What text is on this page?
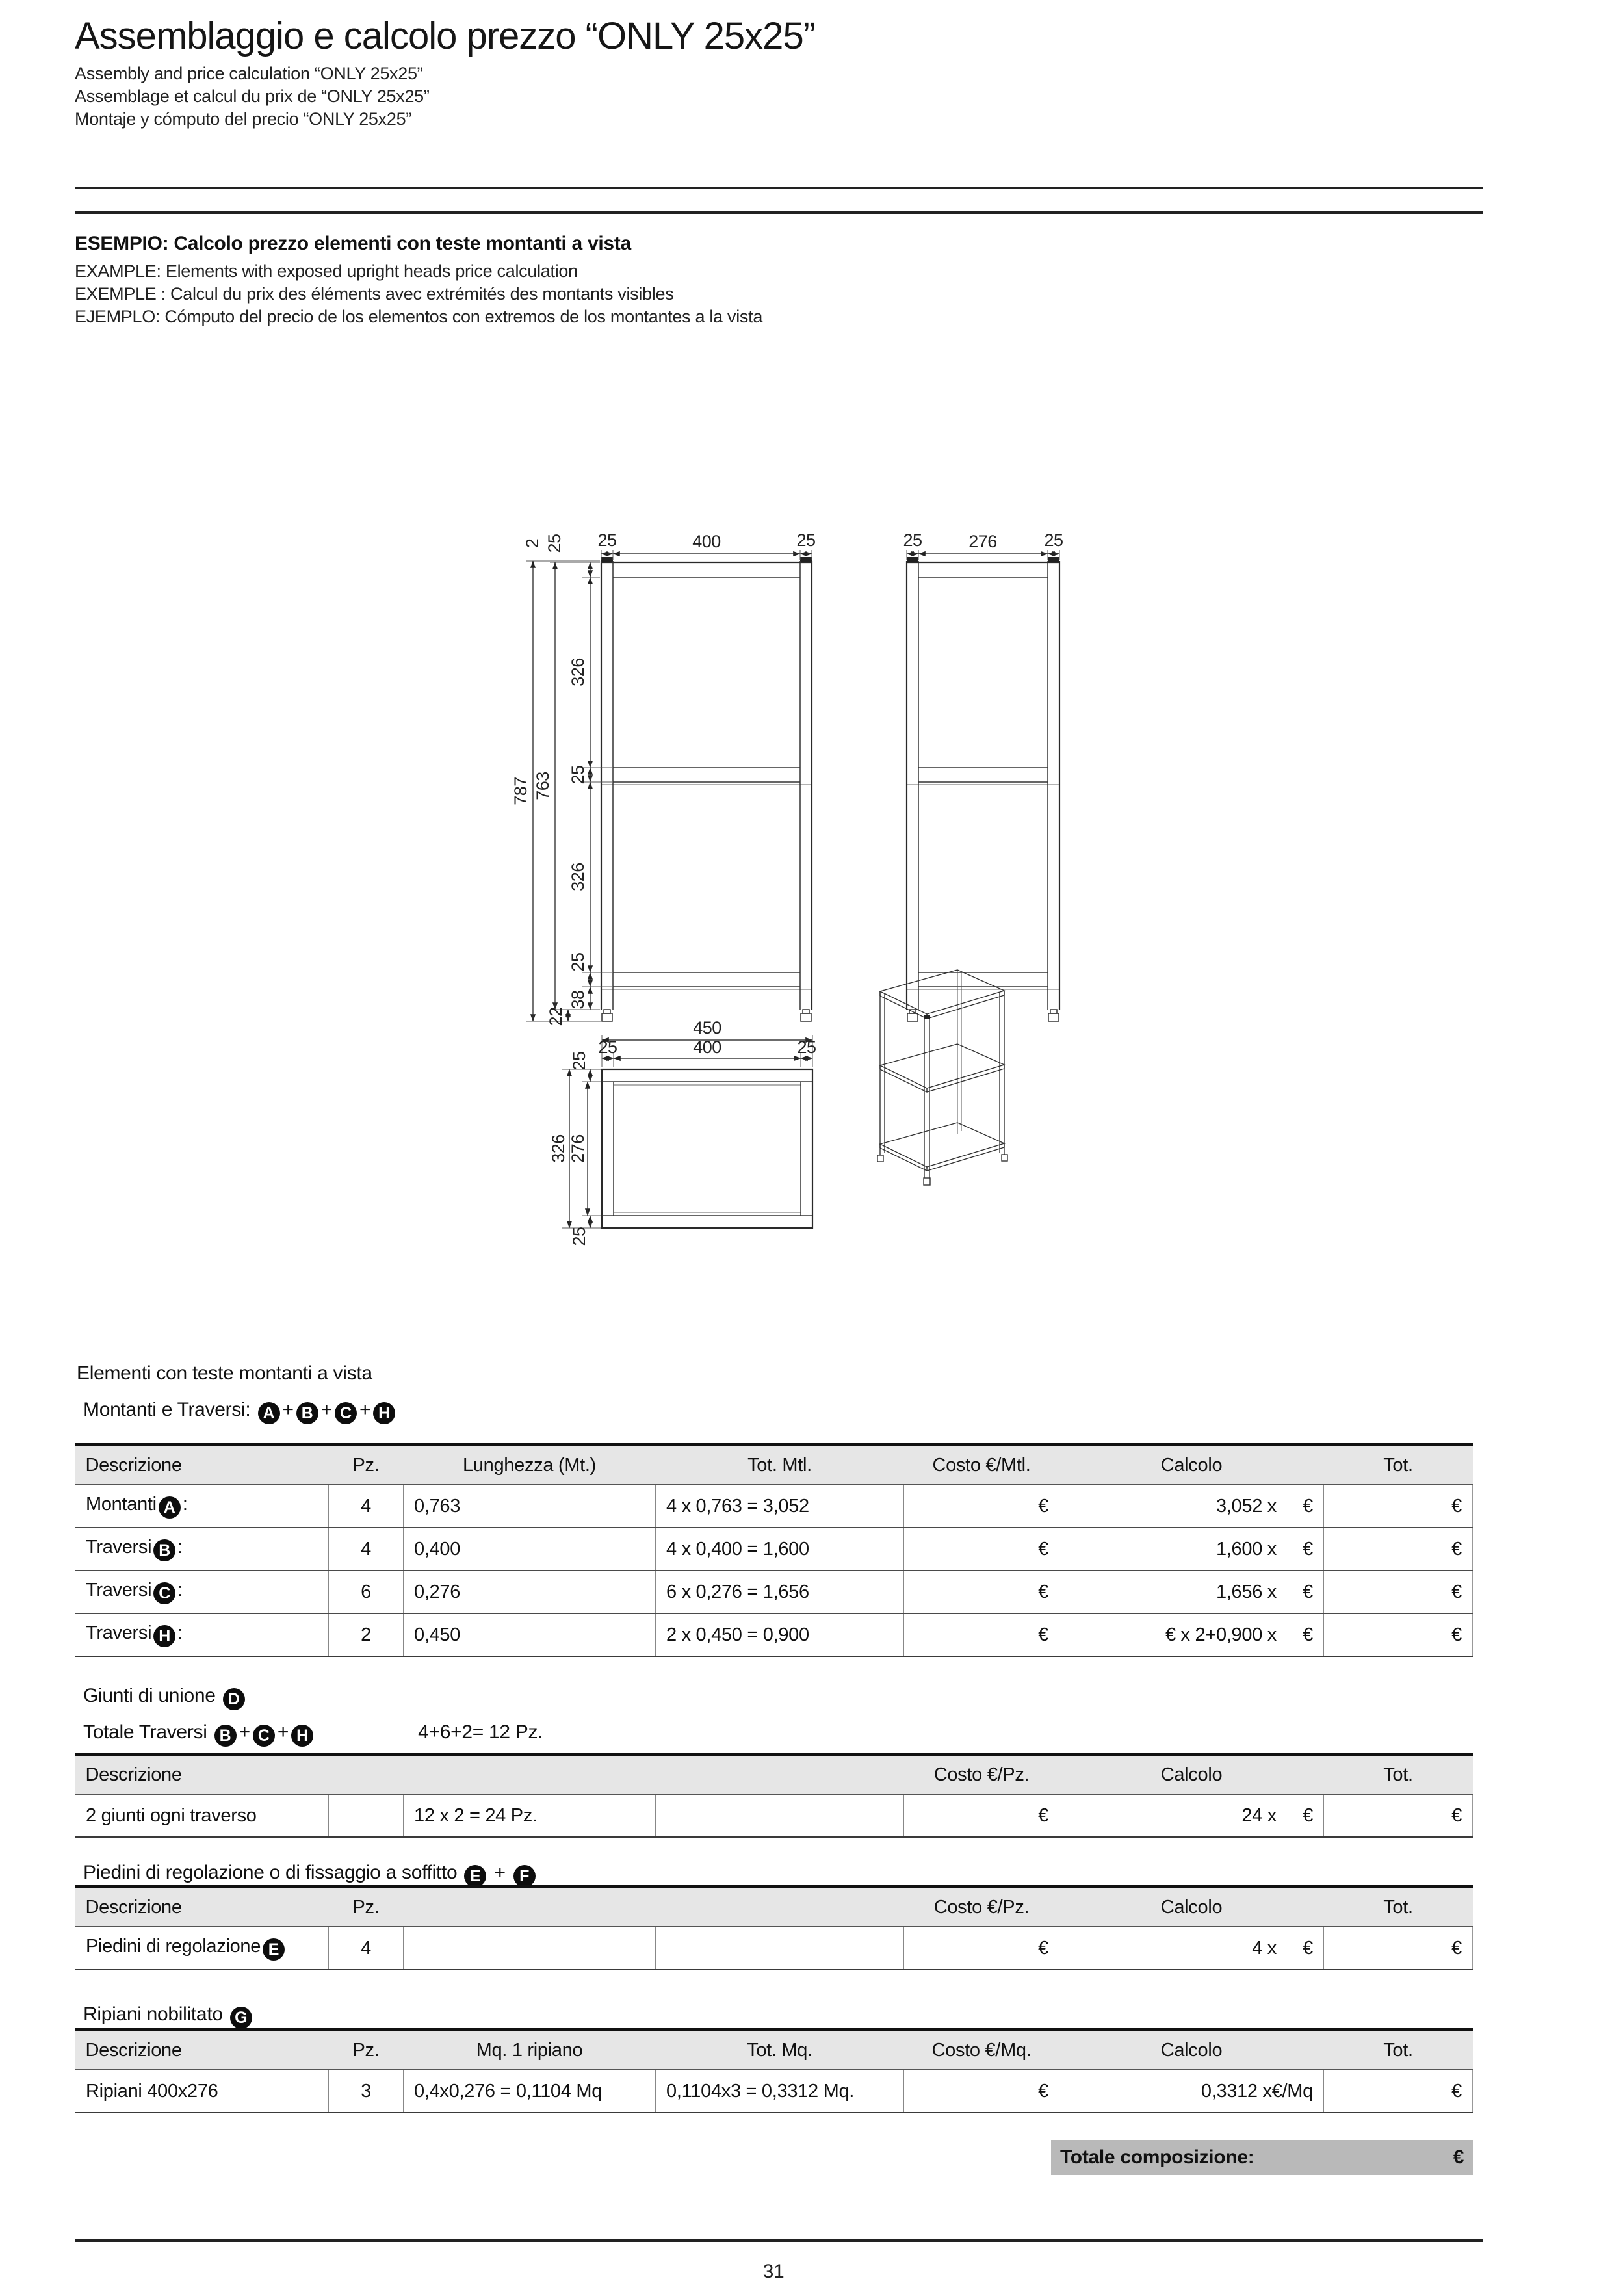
Assemblaggio e calcolo prezzo “ONLY 25x25”
Assembly and price calculation “ONLY 25x25”
Assemblage et calcul du prix de “ONLY 25x25”
Montaje y cómputo del precio “ONLY 25x25”
ESEMPIO: Calcolo prezzo elementi con teste montanti a vista
EXAMPLE: Elements with exposed upright heads price calculation
EXEMPLE : Calcul du prix des éléments avec extrémités des montants visibles
EJEMPLO: Cómputo del precio de los elementos con extremos de los montantes a la vista
25	400	25
2 25
326
25
326
25
38
22
787 763
25	276	25
450
25	400	25
25
326 276
25
Elementi con teste montanti a vista
Montanti e Traversi: A + B + C + H
Descrizione	Pz.	Lunghezza (Mt.)	Tot. Mtl.	Costo €/Mtl.	Calcolo	Tot.
Montanti A :	4	0,763	4 x 0,763 = 3,052	€	3,052 x €	€
Traversi B :	4	0,400	4 x 0,400 = 1,600	€	1,600 x €	€
Traversi C :	6	0,276	6 x 0,276 = 1,656	€	1,656 x €	€
Traversi H :	2	0,450	2 x 0,450 = 0,900	€	€ x 2+0,900 x €	€
Giunti di unione D
Totale Traversi B + C + H	4+6+2= 12 Pz.
Descrizione				Costo €/Pz.	Calcolo	Tot.
2 giunti ogni traverso		12 x 2 = 24 Pz.		€	24 x €	€
Piedini di regolazione o di fissaggio a soffitto E + F
Descrizione	Pz.			Costo €/Pz.	Calcolo	Tot.
Piedini di regolazione E	4			€	4 x €	€
Ripiani nobilitato G
Descrizione	Pz.	Mq. 1 ripiano	Tot. Mq.	Costo €/Mq.	Calcolo	Tot.
Ripiani 400x276	3	0,4x0,276 = 0,1104 Mq	0,1104x3 = 0,3312 Mq.	€	0,3312 x€/Mq	€
Totale composizione:	€
31
